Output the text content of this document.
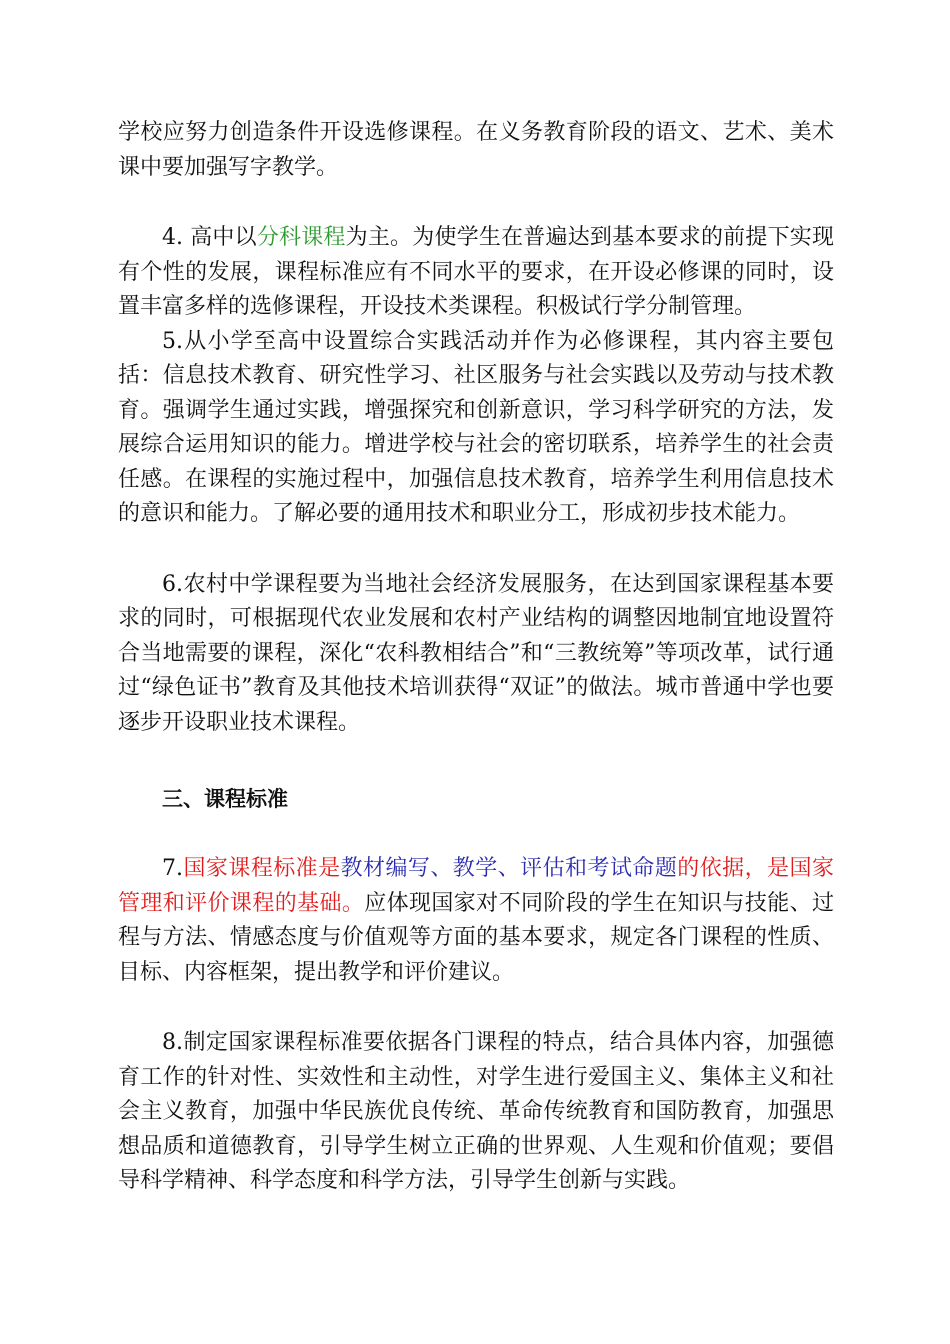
学校应努力创造条件开设选修课程。在义务教育阶段的语文、艺术、美术课中要加强写字教学。

4. 高中以分科课程为主。为使学生在普遍达到基本要求的前提下实现有个性的发展，课程标准应有不同水平的要求，在开设必修课的同时，设置丰富多样的选修课程，开设技术类课程。积极试行学分制管理。

5.从小学至高中设置综合实践活动并作为必修课程，其内容主要包括：信息技术教育、研究性学习、社区服务与社会实践以及劳动与技术教育。强调学生通过实践，增强探究和创新意识，学习科学研究的方法，发展综合运用知识的能力。增进学校与社会的密切联系，培养学生的社会责任感。在课程的实施过程中，加强信息技术教育，培养学生利用信息技术的意识和能力。了解必要的通用技术和职业分工，形成初步技术能力。

6.农村中学课程要为当地社会经济发展服务，在达到国家课程基本要求的同时，可根据现代农业发展和农村产业结构的调整因地制宜地设置符合当地需要的课程，深化“农科教相结合”和“三教统筹”等项改革，试行通过“绿色证书”教育及其他技术培训获得“双证”的做法。城市普通中学也要逐步开设职业技术课程。

三、课程标准

7.国家课程标准是教材编写、教学、评估和考试命题的依据，是国家管理和评价课程的基础。应体现国家对不同阶段的学生在知识与技能、过程与方法、情感态度与价值观等方面的基本要求，规定各门课程的性质、目标、内容框架，提出教学和评价建议。

8.制定国家课程标准要依据各门课程的特点，结合具体内容，加强德育工作的针对性、实效性和主动性，对学生进行爱国主义、集体主义和社会主义教育，加强中华民族优良传统、革命传统教育和国防教育，加强思想品质和道德教育，引导学生树立正确的世界观、人生观和价值观；要倡导科学精神、科学态度和科学方法，引导学生创新与实践。
